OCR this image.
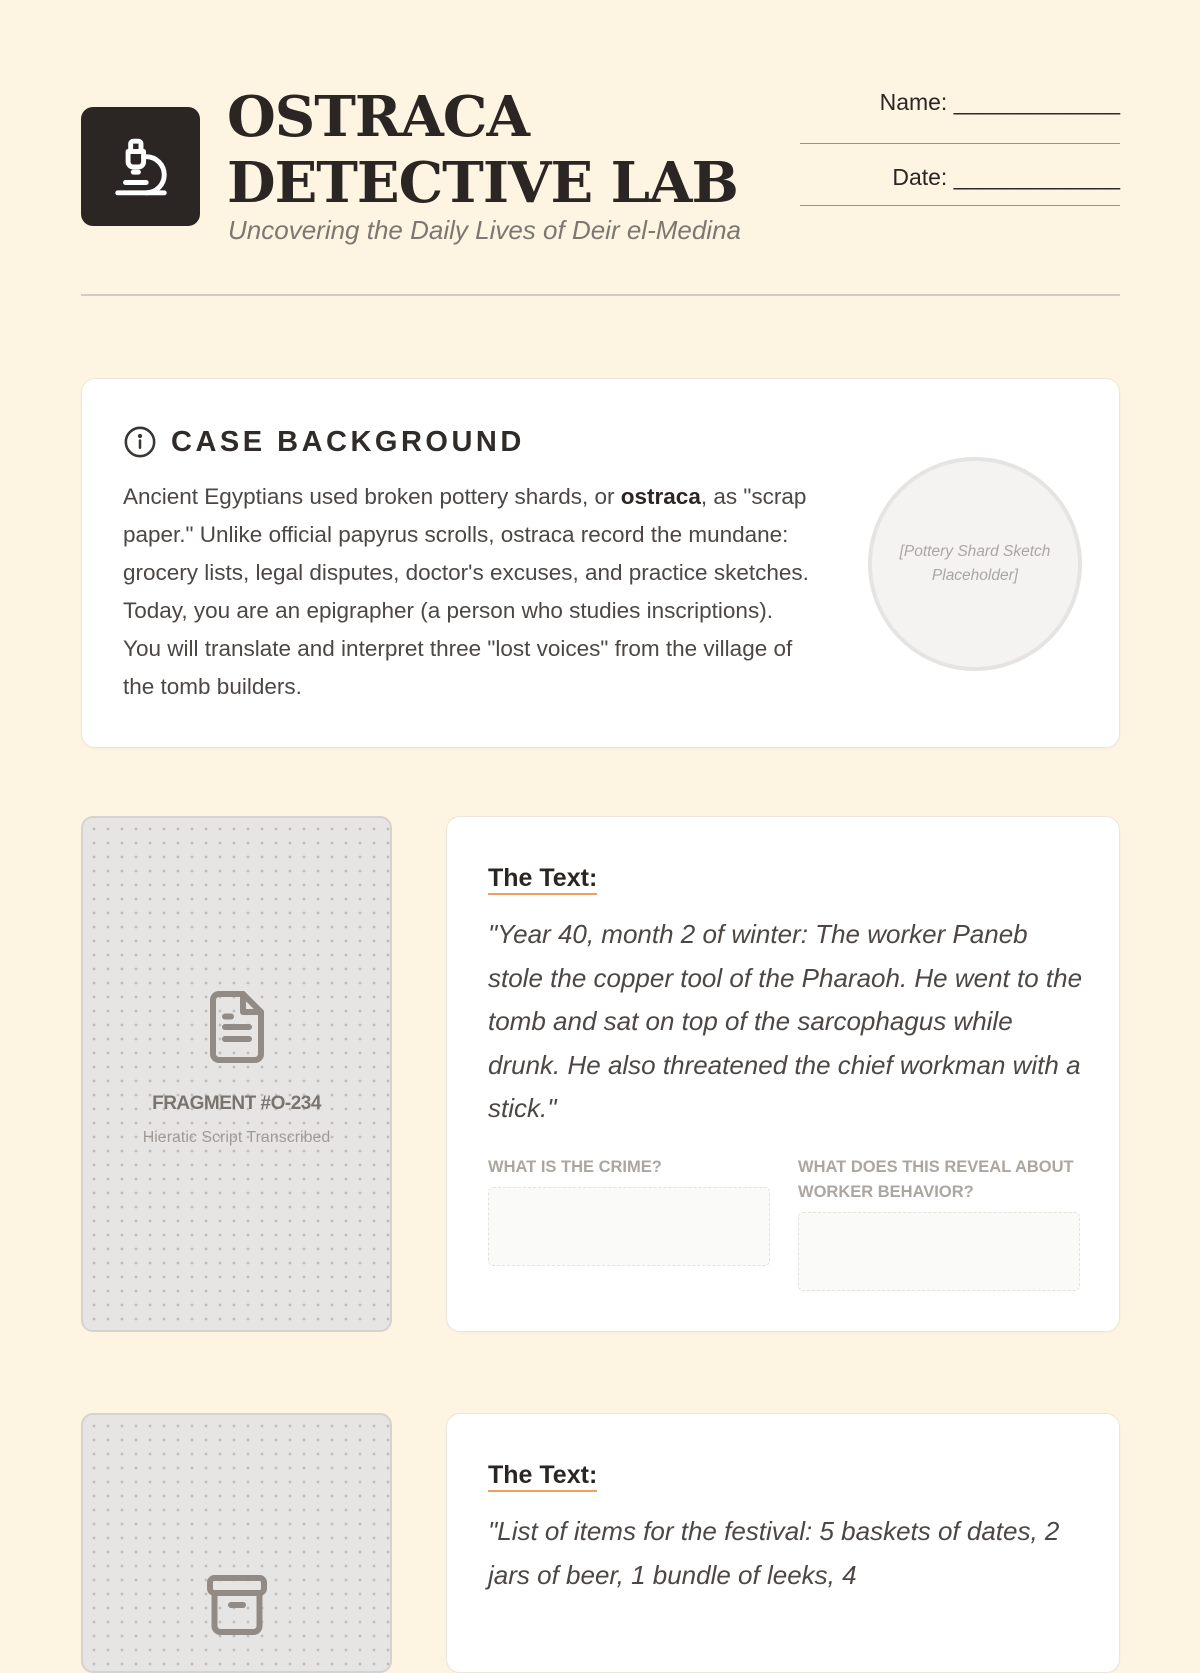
OSTRACA DETECTIVE LAB

Uncovering the Daily Lives of Deir el-Medina

Name: _____________
Date: _____________
CASE BACKGROUND

Ancient Egyptians used broken pottery shards, or ostraca, as "scrap paper." Unlike official papyrus scrolls, ostraca record the mundane: grocery lists, legal disputes, doctor's excuses, and practice sketches. Today, you are an epigrapher (a person who studies inscriptions). You will translate and interpret three "lost voices" from the village of the tomb builders.

[Pottery Shard Sketch Placeholder]

FRAGMENT #O-234

Hieratic Script Transcribed

The Text:

"Year 40, month 2 of winter: The worker Paneb stole the copper tool of the Pharaoh. He went to the tomb and sat on top of the sarcophagus while drunk. He also threatened the chief workman with a stick."

WHAT IS THE CRIME?	WHAT DOES THIS REVEAL ABOUT WORKER BEHAVIOR?

The Text:

"List of items for the festival: 5 baskets of dates, 2 jars of beer, 1 bundle of leeks, 4
